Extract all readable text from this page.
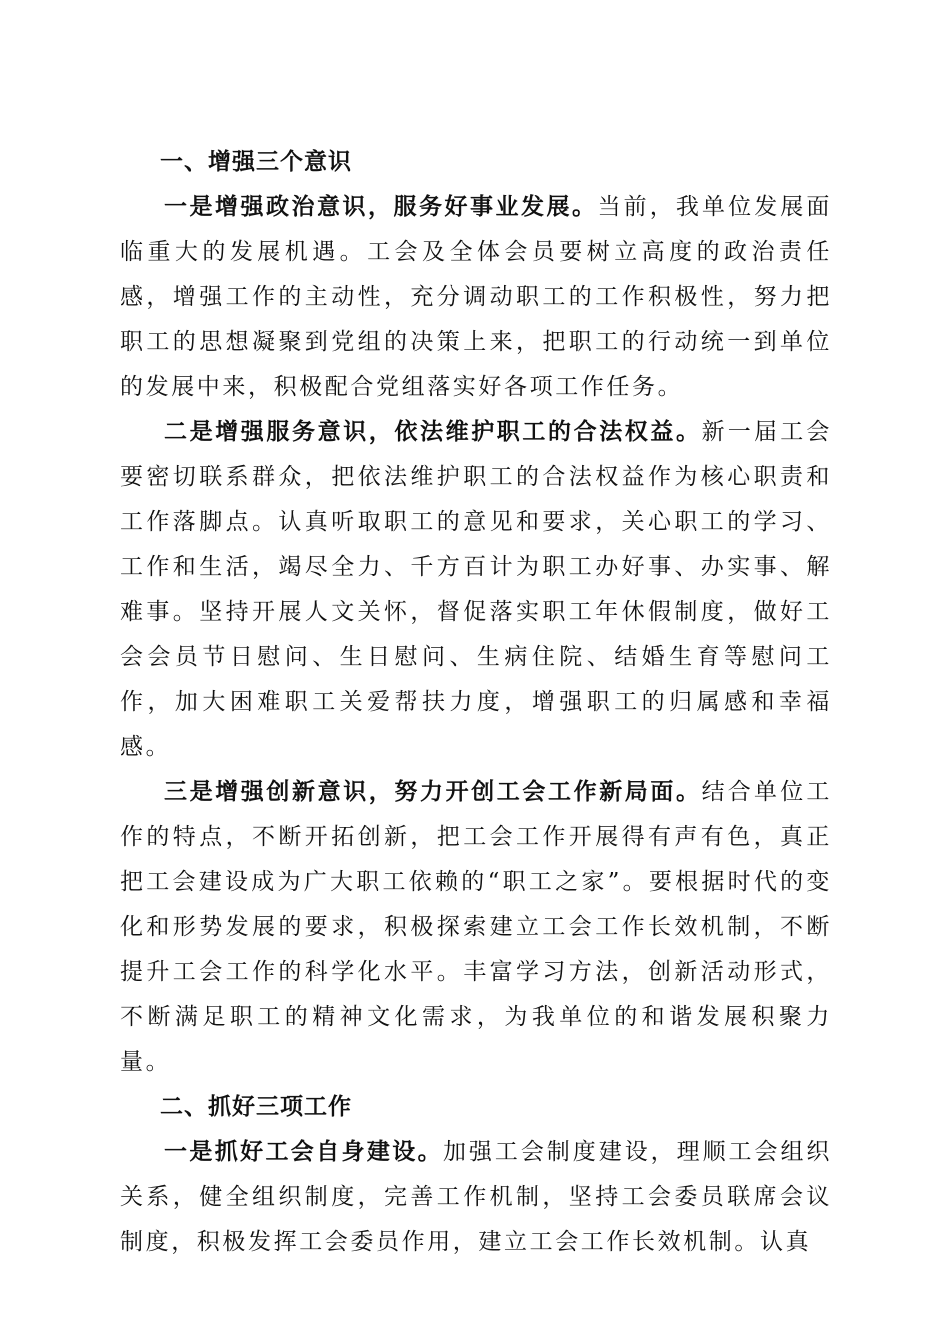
一、增强三个意识

一是增强政治意识，服务好事业发展。当前，我单位发展面临重大的发展机遇。工会及全体会员要树立高度的政治责任感，增强工作的主动性，充分调动职工的工作积极性，努力把职工的思想凝聚到党组的决策上来，把职工的行动统一到单位的发展中来，积极配合党组落实好各项工作任务。

二是增强服务意识，依法维护职工的合法权益。新一届工会要密切联系群众，把依法维护职工的合法权益作为核心职责和工作落脚点。认真听取职工的意见和要求，关心职工的学习、工作和生活，竭尽全力、千方百计为职工办好事、办实事、解难事。坚持开展人文关怀，督促落实职工年休假制度，做好工会会员节日慰问、生日慰问、生病住院、结婚生育等慰问工作，加大困难职工关爱帮扶力度，增强职工的归属感和幸福感。

三是增强创新意识，努力开创工会工作新局面。结合单位工作的特点，不断开拓创新，把工会工作开展得有声有色，真正把工会建设成为广大职工依赖的“职工之家”。要根据时代的变化和形势发展的要求，积极探索建立工会工作长效机制，不断提升工会工作的科学化水平。丰富学习方法，创新活动形式，不断满足职工的精神文化需求，为我单位的和谐发展积聚力量。

二、抓好三项工作

一是抓好工会自身建设。加强工会制度建设，理顺工会组织关系，健全组织制度，完善工作机制，坚持工会委员联席会议制度，积极发挥工会委员作用，建立工会工作长效机制。认真
